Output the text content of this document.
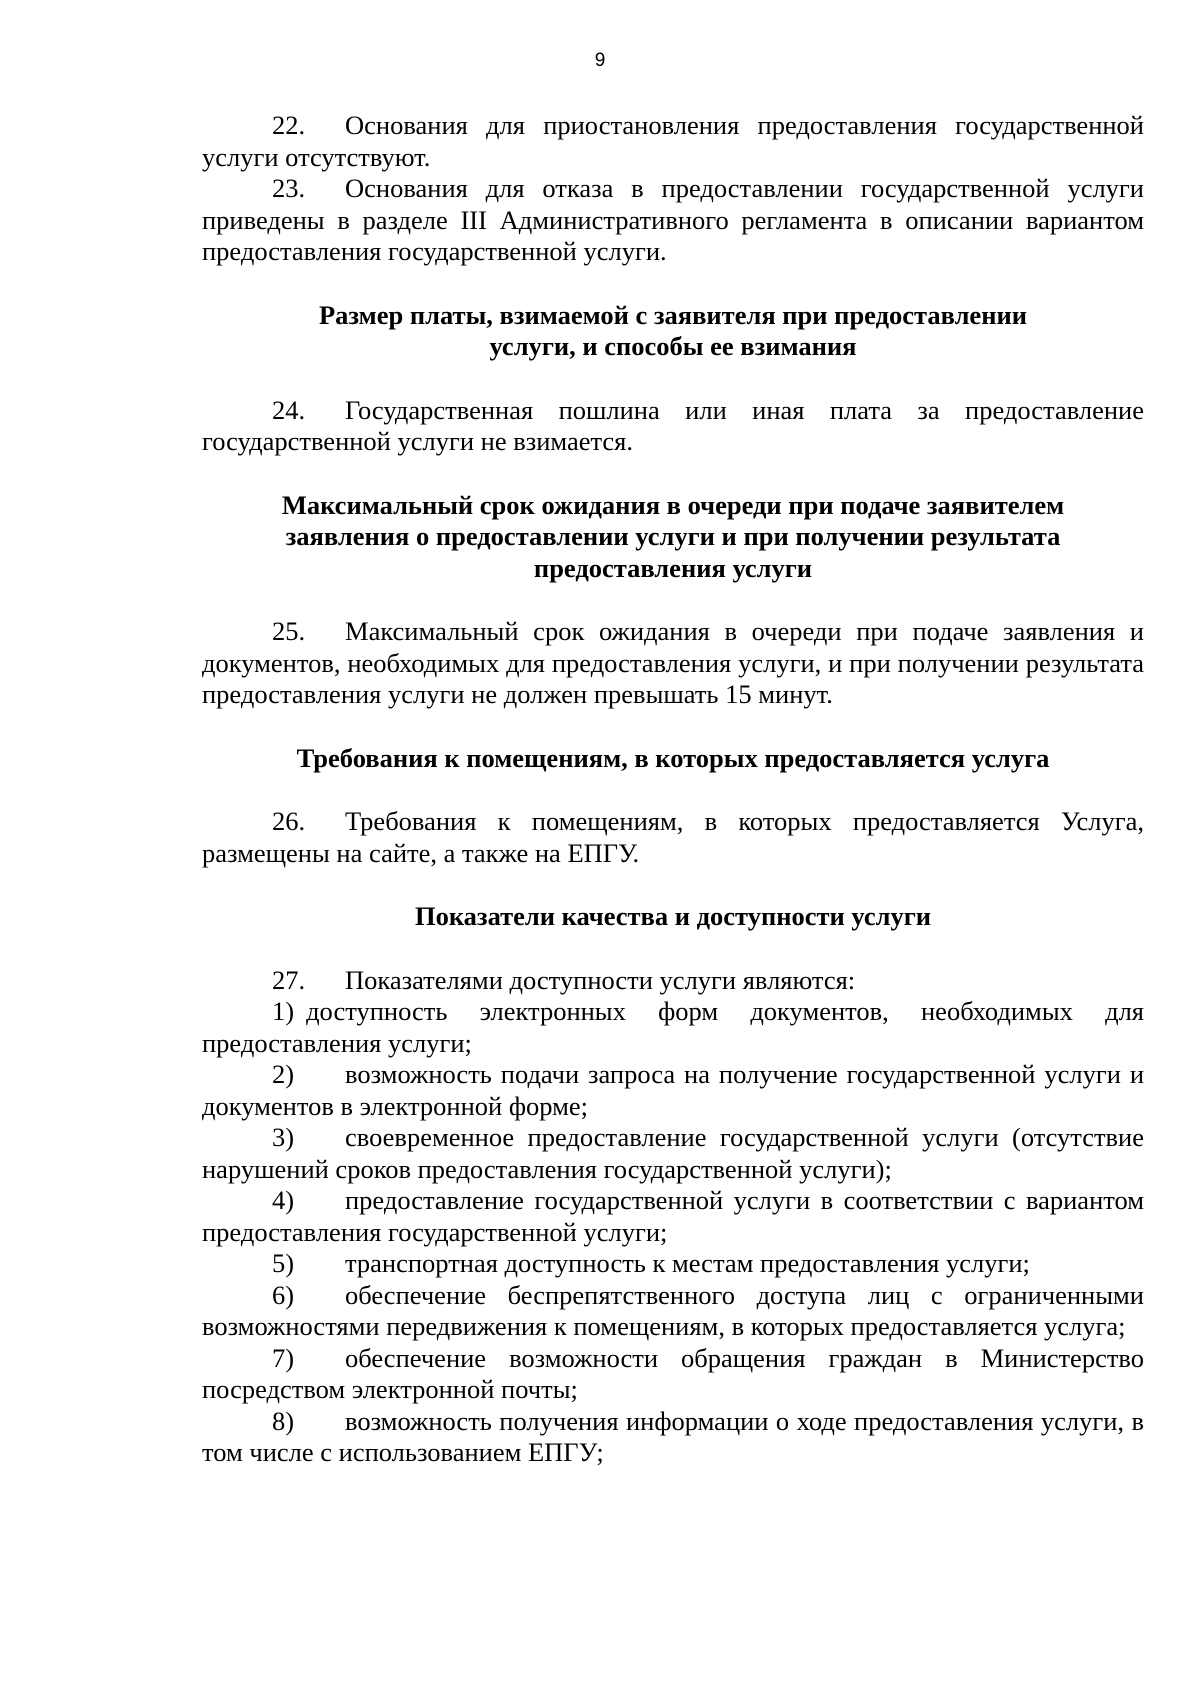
9

22. Основания для приостановления предоставления государственной услуги отсутствуют.

23. Основания для отказа в предоставлении государственной услуги приведены в разделе III Административного регламента в описании вариантом предоставления государственной услуги.

Размер платы, взимаемой с заявителя при предоставлении
услуги, и способы ее взимания

24. Государственная пошлина или иная плата за предоставление государственной услуги не взимается.

Максимальный срок ожидания в очереди при подаче заявителем
заявления о предоставлении услуги и при получении результата
предоставления услуги

25. Максимальный срок ожидания в очереди при подаче заявления и документов, необходимых для предоставления услуги, и при получении результата предоставления услуги не должен превышать 15 минут.

Требования к помещениям, в которых предоставляется услуга

26. Требования к помещениям, в которых предоставляется Услуга, размещены на сайте, а также на ЕПГУ.

Показатели качества и доступности услуги

27. Показателями доступности услуги являются:

1) доступность электронных форм документов, необходимых для предоставления услуги;

2) возможность подачи запроса на получение государственной услуги и документов в электронной форме;

3) своевременное предоставление государственной услуги (отсутствие нарушений сроков предоставления государственной услуги);

4) предоставление государственной услуги в соответствии с вариантом предоставления государственной услуги;

5) транспортная доступность к местам предоставления услуги;

6) обеспечение беспрепятственного доступа лиц с ограниченными возможностями передвижения к помещениям, в которых предоставляется услуга;

7) обеспечение возможности обращения граждан в Министерство посредством электронной почты;

8) возможность получения информации о ходе предоставления услуги, в том числе с использованием ЕПГУ;
